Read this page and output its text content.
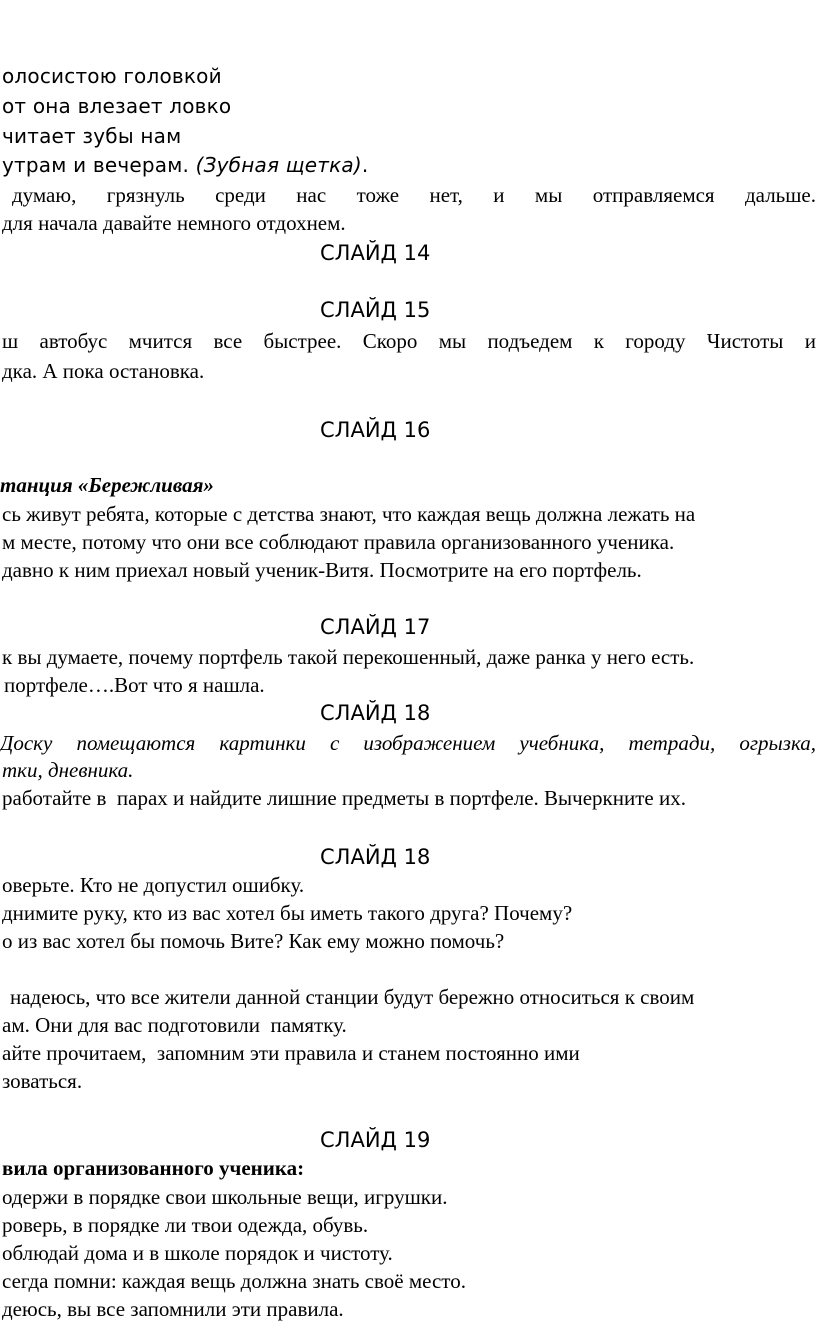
олосистою головкой
от она влезает ловко
читает зубы нам
утрам и вечерам. (Зубная щетка).
думаю, грязнуль среди нас тоже нет, и мы отправляемся дальше.
для начала давайте немного отдохнем.
СЛАЙД 14
СЛАЙД 15
ш автобус мчится все быстрее. Скоро мы подъедем к городу Чистоты и
дка. А пока остановка.
СЛАЙД 16
танция «Бережливая»
сь живут ребята, которые с детства знают, что каждая вещь должна лежать на
м месте, потому что они все соблюдают правила организованного ученика.
давно к ним приехал новый ученик-Витя. Посмотрите на его портфель.
СЛАЙД 17
к вы думаете, почему портфель такой перекошенный, даже ранка у него есть.
портфеле….Вот что я нашла.
СЛАЙД 18
Доску помещаются картинки с изображением учебника, тетради, огрызка,
тки, дневника.
работайте в  парах и найдите лишние предметы в портфеле. Вычеркните их.
СЛАЙД 18
оверьте. Кто не допустил ошибку.
днимите руку, кто из вас хотел бы иметь такого друга? Почему?
о из вас хотел бы помочь Вите? Как ему можно помочь?
надеюсь, что все жители данной станции будут бережно относиться к своим
ам. Они для вас подготовили  памятку.
айте прочитаем,  запомним эти правила и станем постоянно ими
зоваться.
СЛАЙД 19
вила организованного ученика:
одержи в порядке свои школьные вещи, игрушки.
роверь, в порядке ли твои одежда, обувь.
облюдай дома и в школе порядок и чистоту.
сегда помни: каждая вещь должна знать своё место.
деюсь, вы все запомнили эти правила.
